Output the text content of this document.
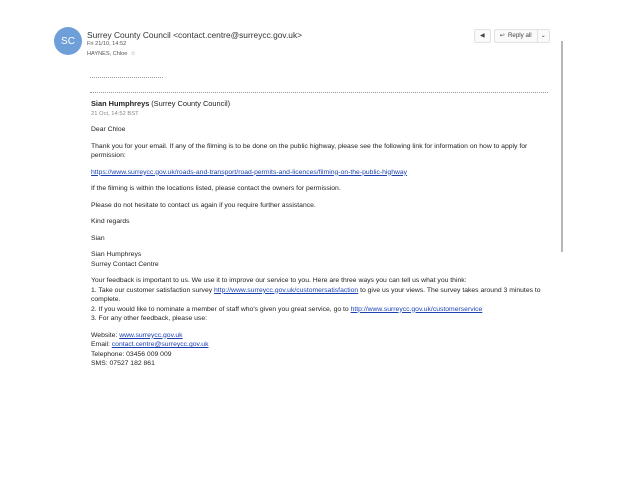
SC
Surrey County Council <contact.centre@surreycc.gov.uk>
Fri 21/10, 14:52
HAYNES, Chloe ☆
◀ ↩ Reply all ⌄

Sian Humphreys (Surrey County Council)

21 Oct, 14:52 BST

Dear Chloe

Thank you for your email. If any of the filming is to be done on the public highway, please see the following link for information on how to apply for permission:

https://www.surreycc.gov.uk/roads-and-transport/road-permits-and-licences/filming-on-the-public-highway

If the filming is within the locations listed, please contact the owners for permission.

Please do not hesitate to contact us again if you require further assistance.

Kind regards

Sian

Sian Humphreys

Surrey Contact Centre

Your feedback is important to us. We use it to improve our service to you. Here are three ways you can tell us what you think:

1. Take our customer satisfaction survey http://www.surreycc.gov.uk/customersatisfaction to give us your views. The survey takes around 3 minutes to complete.

2. If you would like to nominate a member of staff who's given you great service, go to http://www.surreycc.gov.uk/customerservice

3. For any other feedback, please use:

Website: www.surreycc.gov.uk

Email: contact.centre@surreycc.gov.uk

Telephone: 03456 009 009

SMS: 07527 182 861
